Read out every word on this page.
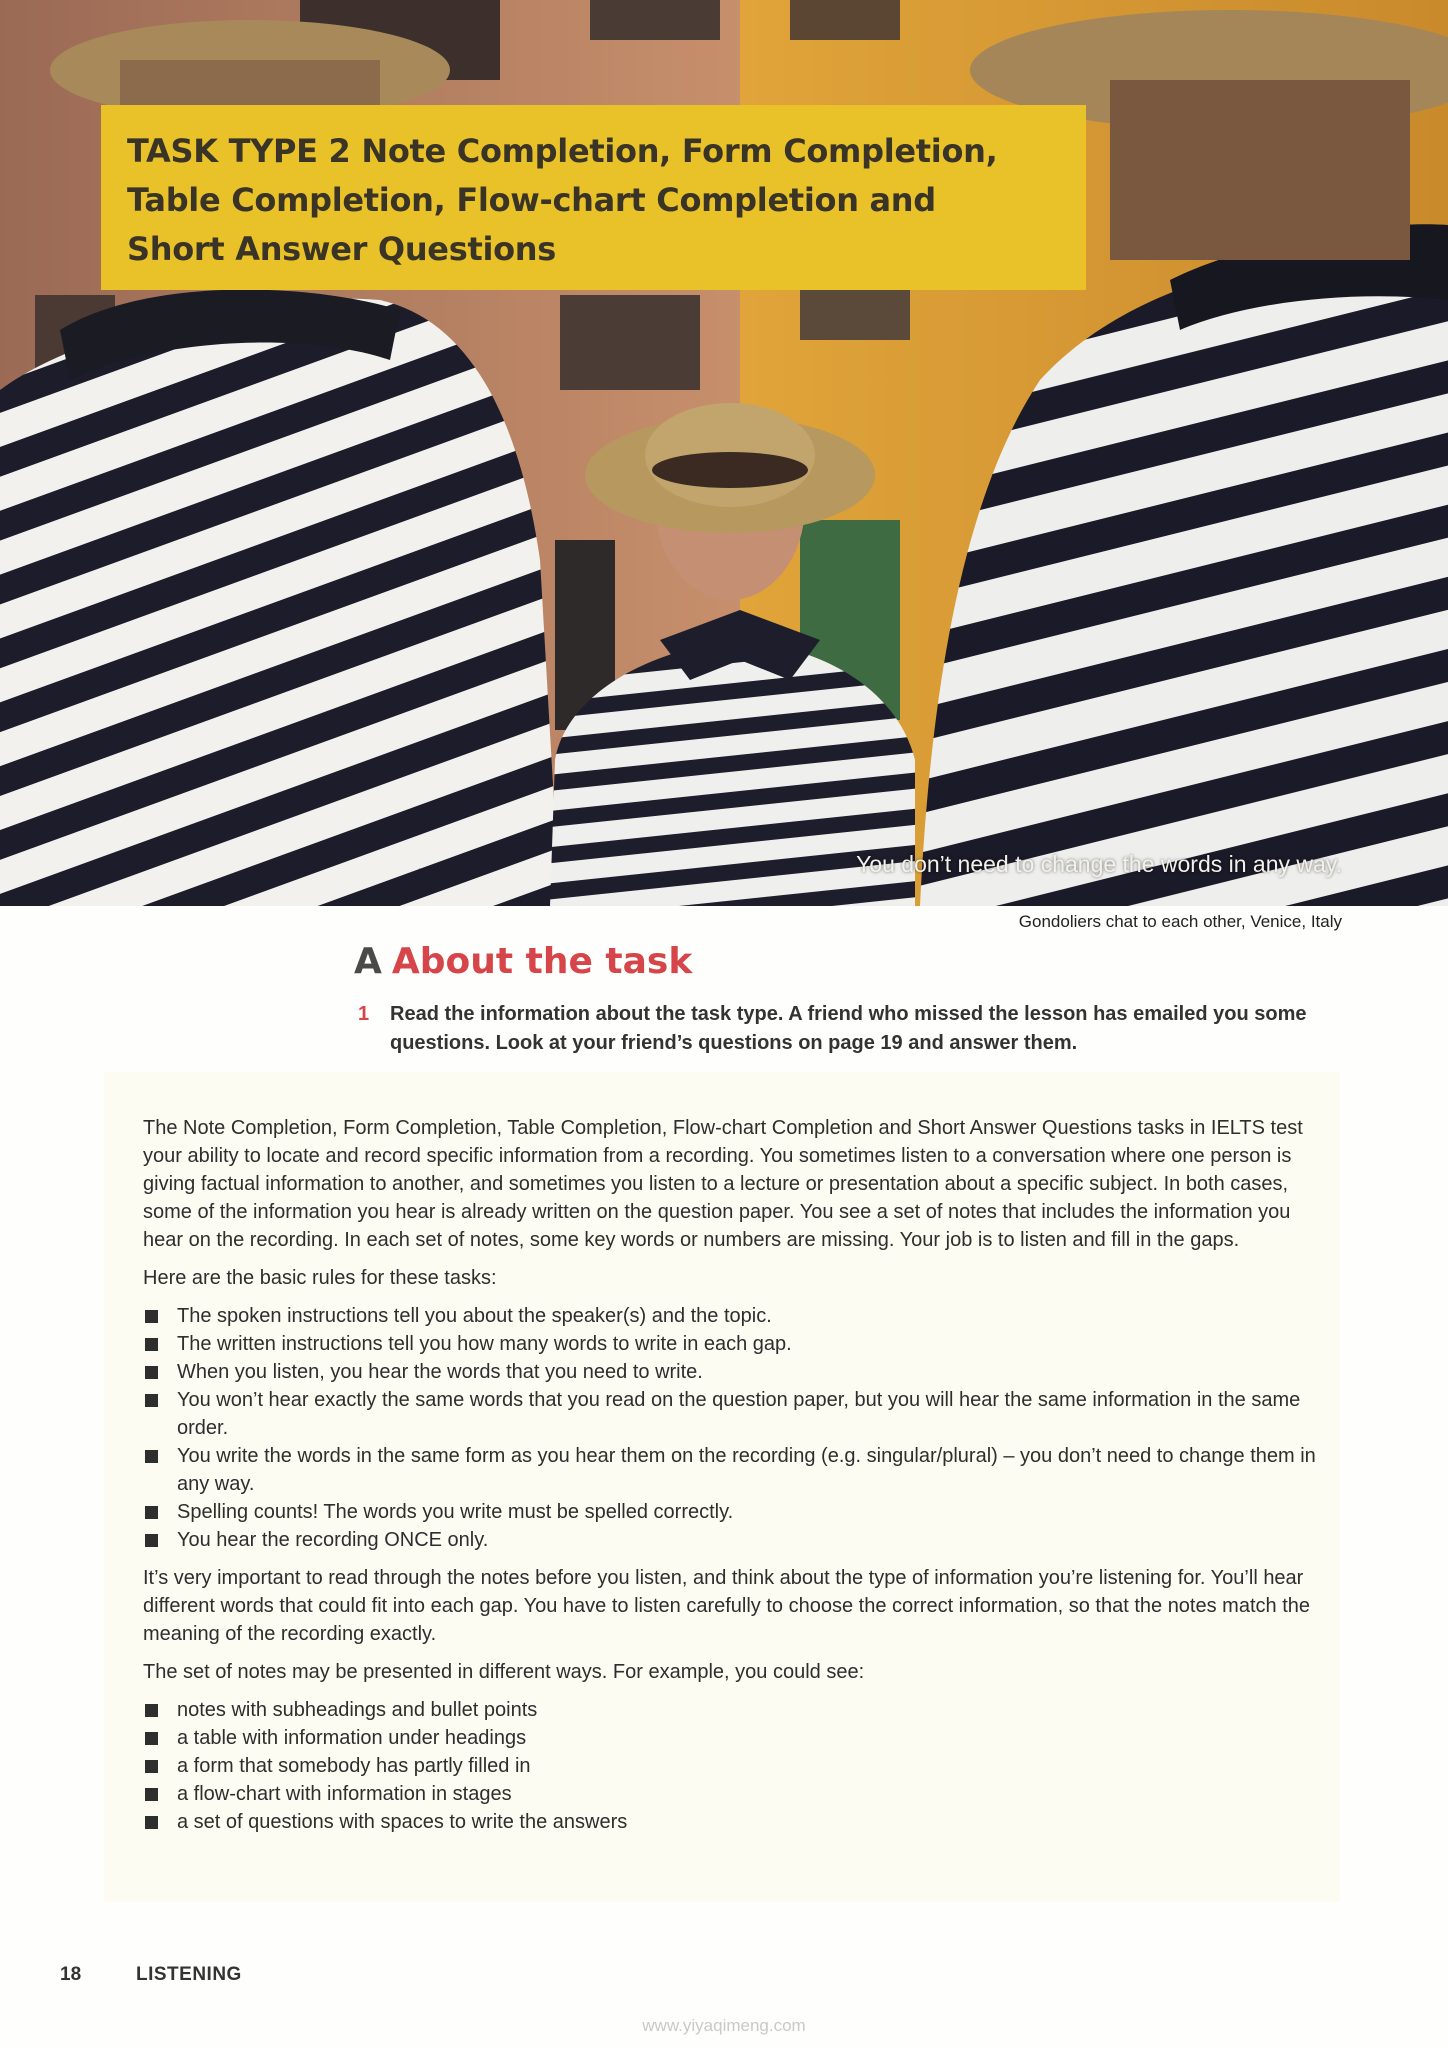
TASK TYPE 2 Note Completion, Form Completion,

Table Completion, Flow-chart Completion and

Short Answer Questions

You don’t need to change the words in any way.
Gondoliers chat to each other, Venice, Italy
A About the task
1 Read the information about the task type. A friend who missed the lesson has emailed you some questions. Look at your friend’s questions on page 19 and answer them.

The Note Completion, Form Completion, Table Completion, Flow-chart Completion and Short Answer Questions tasks in IELTS test your ability to locate and record specific information from a recording. You sometimes listen to a conversation where one person is giving factual information to another, and sometimes you listen to a lecture or presentation about a specific subject. In both cases, some of the information you hear is already written on the question paper. You see a set of notes that includes the information you hear on the recording. In each set of notes, some key words or numbers are missing. Your job is to listen and fill in the gaps.

Here are the basic rules for these tasks:

The spoken instructions tell you about the speaker(s) and the topic.
The written instructions tell you how many words to write in each gap.
When you listen, you hear the words that you need to write.
You won’t hear exactly the same words that you read on the question paper, but you will hear the same information in the same order.
You write the words in the same form as you hear them on the recording (e.g. singular/plural) – you don’t need to change them in any way.
Spelling counts! The words you write must be spelled correctly.
You hear the recording ONCE only.

It’s very important to read through the notes before you listen, and think about the type of information you’re listening for. You’ll hear different words that could fit into each gap. You have to listen carefully to choose the correct information, so that the notes match the meaning of the recording exactly.

The set of notes may be presented in different ways. For example, you could see:

notes with subheadings and bullet points
a table with information under headings
a form that somebody has partly filled in
a flow-chart with information in stages
a set of questions with spaces to write the answers
18	LISTENING
www.yiyaqimeng.com
